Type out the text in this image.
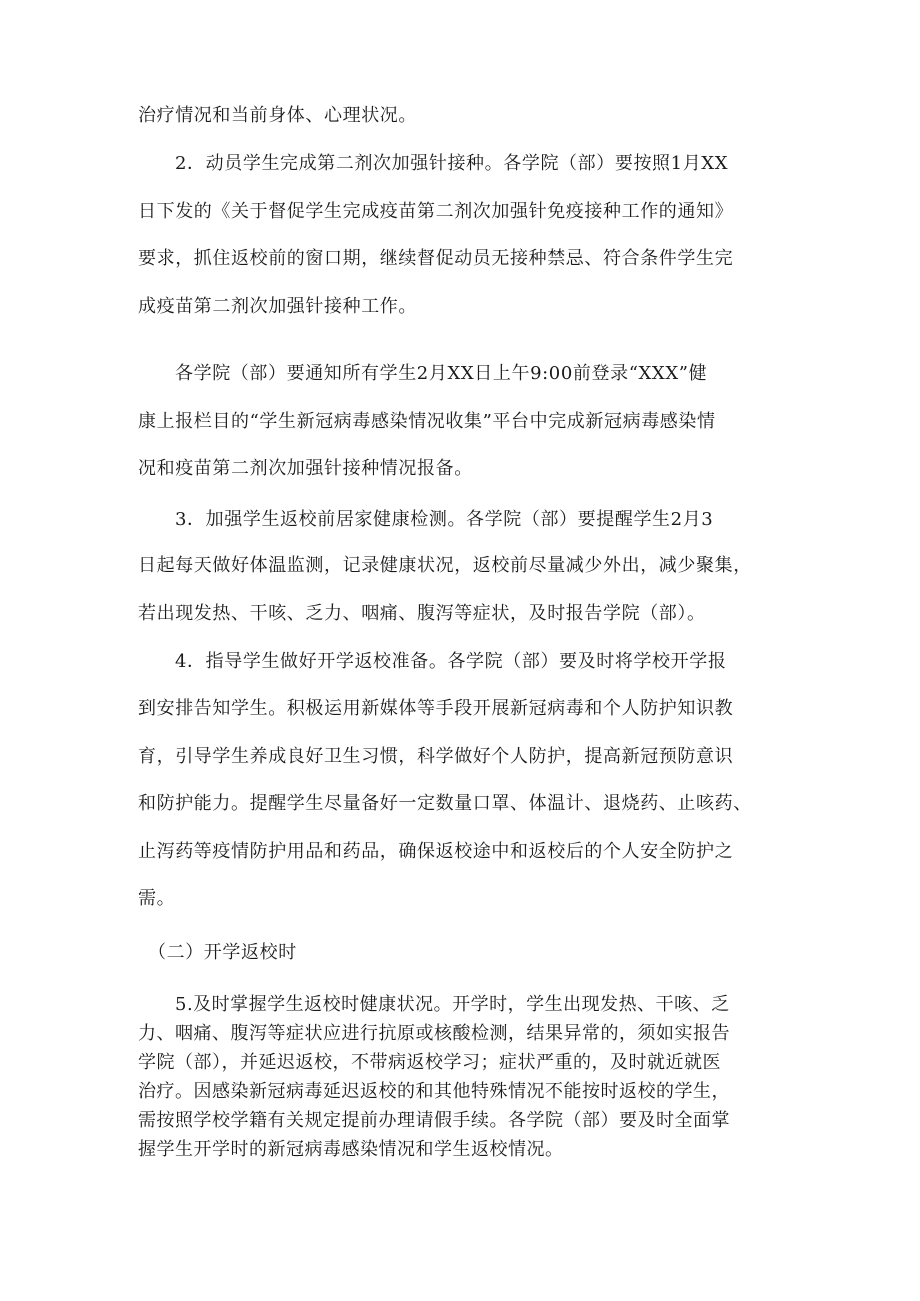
治疗情况和当前身体、心理状况。
2．动员学生完成第二剂次加强针接种。各学院（部）要按照1月XX
日下发的《关于督促学生完成疫苗第二剂次加强针免疫接种工作的通知》
要求，抓住返校前的窗口期，继续督促动员无接种禁忌、符合条件学生完
成疫苗第二剂次加强针接种工作。
各学院（部）要通知所有学生2月XX日上午9:00前登录“XXX”健
康上报栏目的“学生新冠病毒感染情况收集”平台中完成新冠病毒感染情
况和疫苗第二剂次加强针接种情况报备。
3．加强学生返校前居家健康检测。各学院（部）要提醒学生2月3
日起每天做好体温监测，记录健康状况，返校前尽量减少外出，减少聚集，
若出现发热、干咳、乏力、咽痛、腹泻等症状，及时报告学院（部）。
4．指导学生做好开学返校准备。各学院（部）要及时将学校开学报
到安排告知学生。积极运用新媒体等手段开展新冠病毒和个人防护知识教
育，引导学生养成良好卫生习惯，科学做好个人防护，提高新冠预防意识
和防护能力。提醒学生尽量备好一定数量口罩、体温计、退烧药、止咳药、
止泻药等疫情防护用品和药品，确保返校途中和返校后的个人安全防护之
需。
（二）开学返校时
5.及时掌握学生返校时健康状况。开学时，学生出现发热、干咳、乏
力、咽痛、腹泻等症状应进行抗原或核酸检测，结果异常的，须如实报告
学院（部），并延迟返校，不带病返校学习；症状严重的，及时就近就医
治疗。因感染新冠病毒延迟返校的和其他特殊情况不能按时返校的学生，
需按照学校学籍有关规定提前办理请假手续。各学院（部）要及时全面掌
握学生开学时的新冠病毒感染情况和学生返校情况。
